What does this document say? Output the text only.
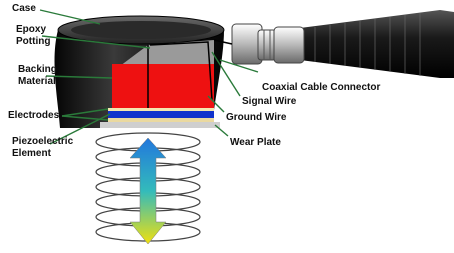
Case
Epoxy Potting
Backing Material
Electrodes
Piezoelectric Element
Coaxial Cable Connector
Signal Wire
Ground Wire
Wear Plate
